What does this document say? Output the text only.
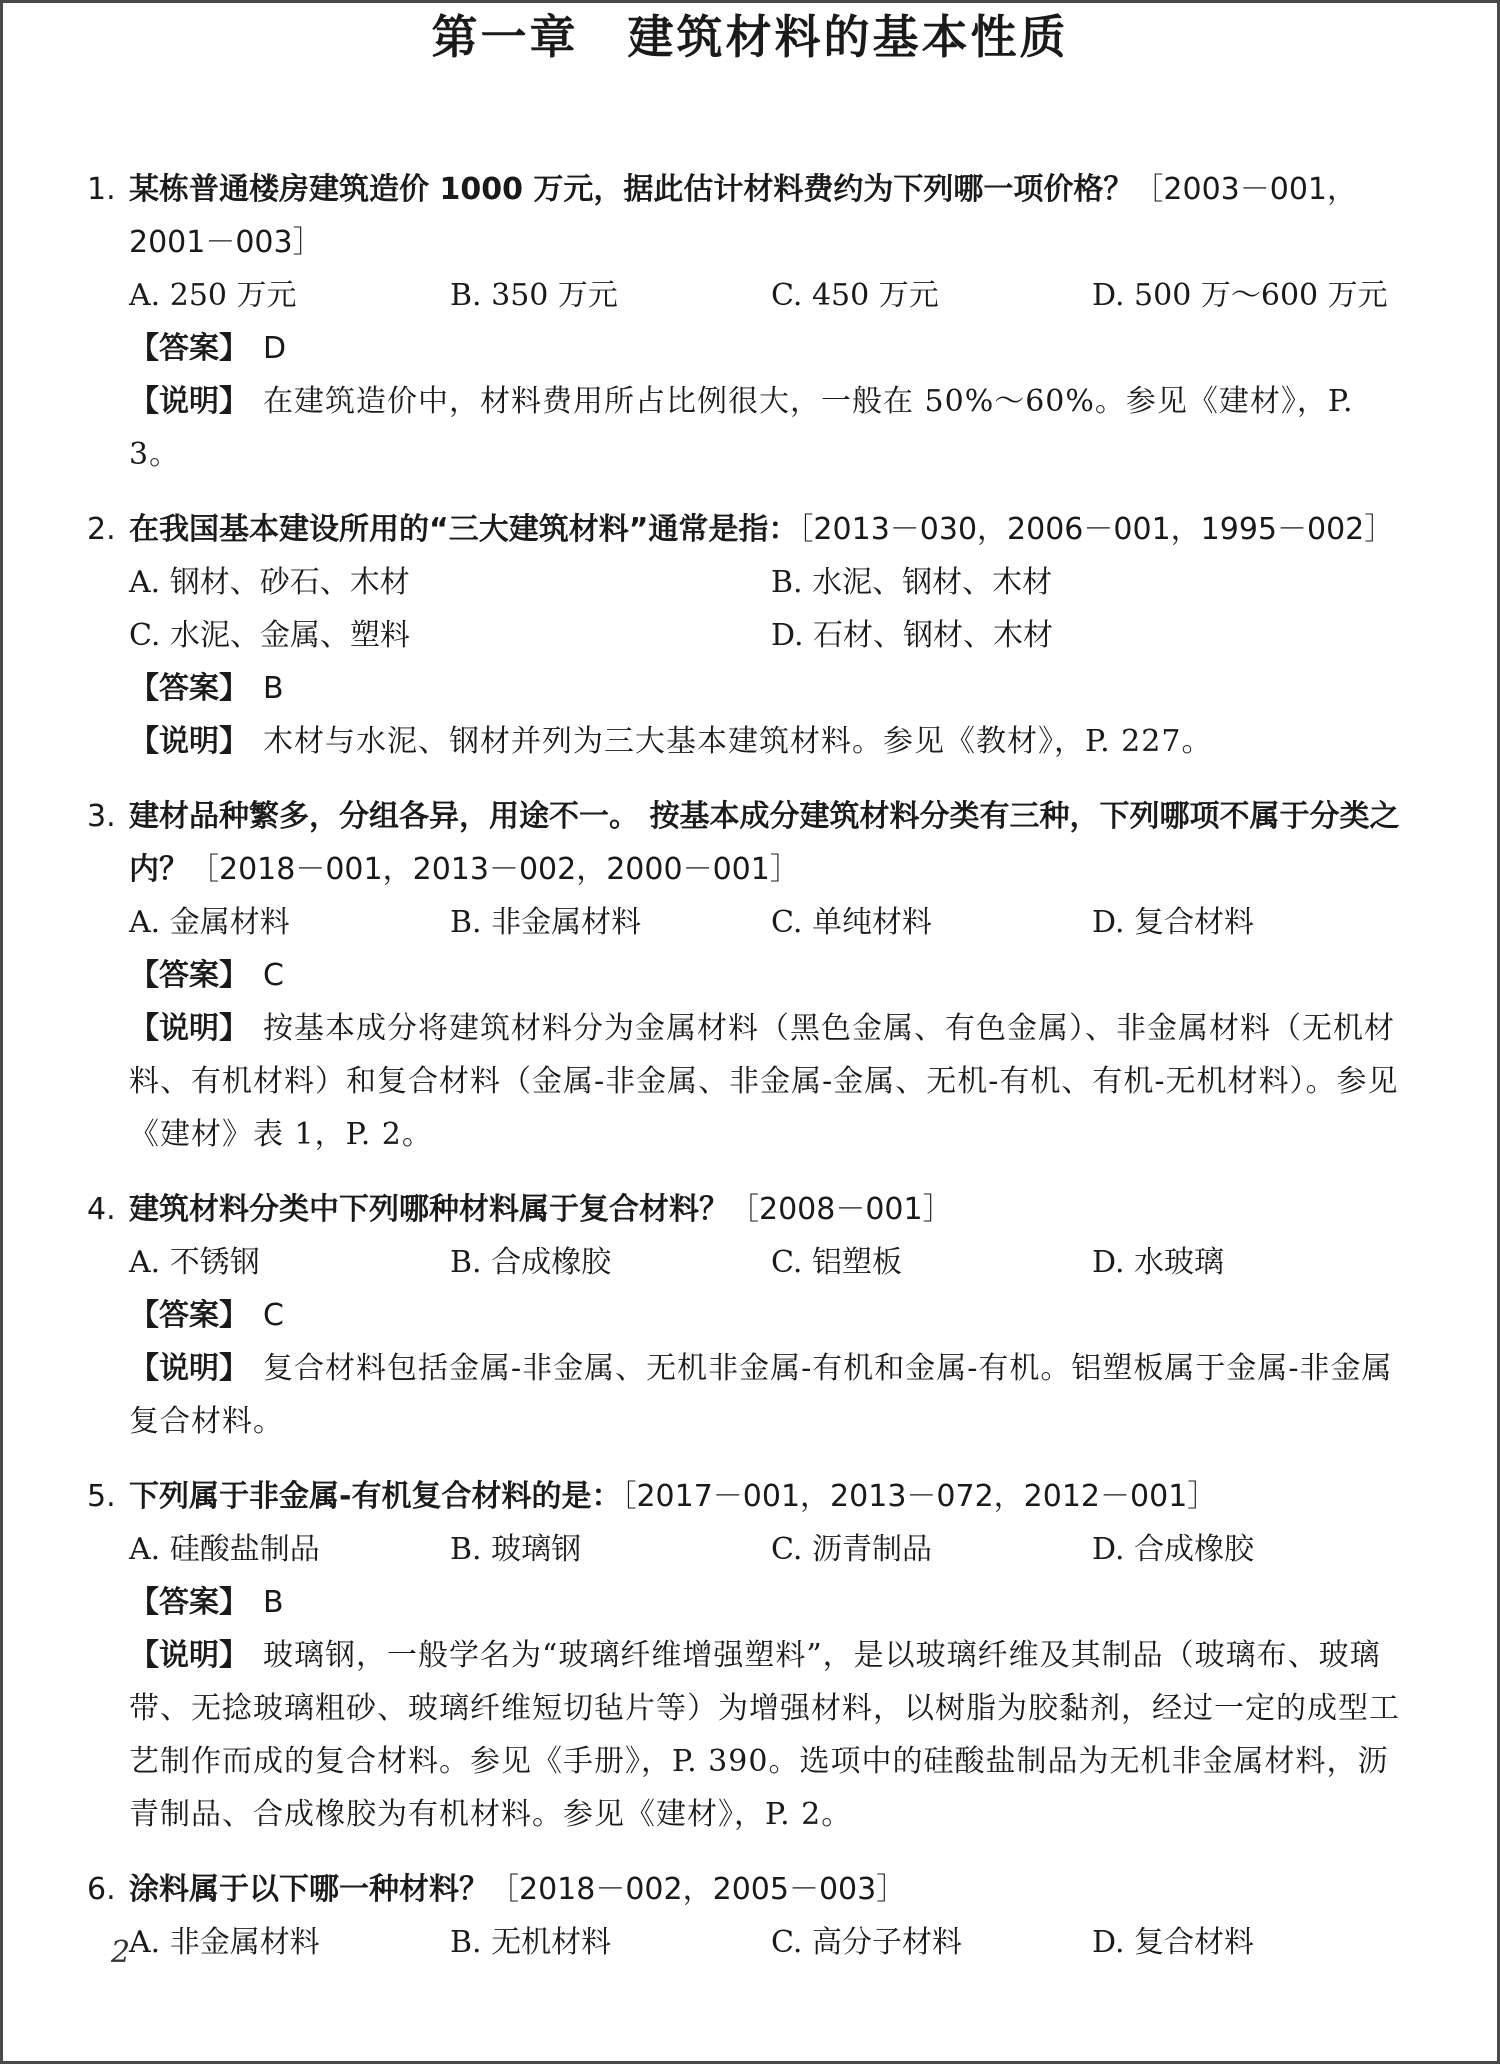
第一章　建筑材料的基本性质
1. 某栋普通楼房建筑造价 1000 万元，据此估计材料费约为下列哪一项价格？［2003－001，2001－003］
A. 250 万元	B. 350 万元	C. 450 万元	D. 500 万～600 万元
【答案】 D
【说明】 在建筑造价中，材料费用所占比例很大，一般在 50%～60%。参见《建材》，P. 3。
2. 在我国基本建设所用的“三大建筑材料”通常是指：［2013－030，2006－001，1995－002］
A. 钢材、砂石、木材	B. 水泥、钢材、木材
C. 水泥、金属、塑料	D. 石材、钢材、木材
【答案】 B
【说明】 木材与水泥、钢材并列为三大基本建筑材料。参见《教材》，P. 227。
3. 建材品种繁多，分组各异，用途不一。 按基本成分建筑材料分类有三种，下列哪项不属于分类之内？［2018－001，2013－002，2000－001］
A. 金属材料	B. 非金属材料	C. 单纯材料	D. 复合材料
【答案】 C
【说明】 按基本成分将建筑材料分为金属材料（黑色金属、有色金属）、非金属材料（无机材料、有机材料）和复合材料（金属-非金属、非金属-金属、无机-有机、有机-无机材料）。参见《建材》表 1，P. 2。
4. 建筑材料分类中下列哪种材料属于复合材料？［2008－001］
A. 不锈钢	B. 合成橡胶	C. 铝塑板	D. 水玻璃
【答案】 C
【说明】 复合材料包括金属-非金属、无机非金属-有机和金属-有机。铝塑板属于金属-非金属复合材料。
5. 下列属于非金属-有机复合材料的是：［2017－001，2013－072，2012－001］
A. 硅酸盐制品	B. 玻璃钢	C. 沥青制品	D. 合成橡胶
【答案】 B
【说明】 玻璃钢，一般学名为“玻璃纤维增强塑料”，是以玻璃纤维及其制品（玻璃布、玻璃带、无捻玻璃粗砂、玻璃纤维短切毡片等）为增强材料，以树脂为胶黏剂，经过一定的成型工艺制作而成的复合材料。参见《手册》，P. 390。选项中的硅酸盐制品为无机非金属材料，沥青制品、合成橡胶为有机材料。参见《建材》，P. 2。
6. 涂料属于以下哪一种材料？［2018－002，2005－003］
A. 非金属材料	B. 无机材料	C. 高分子材料	D. 复合材料
2
